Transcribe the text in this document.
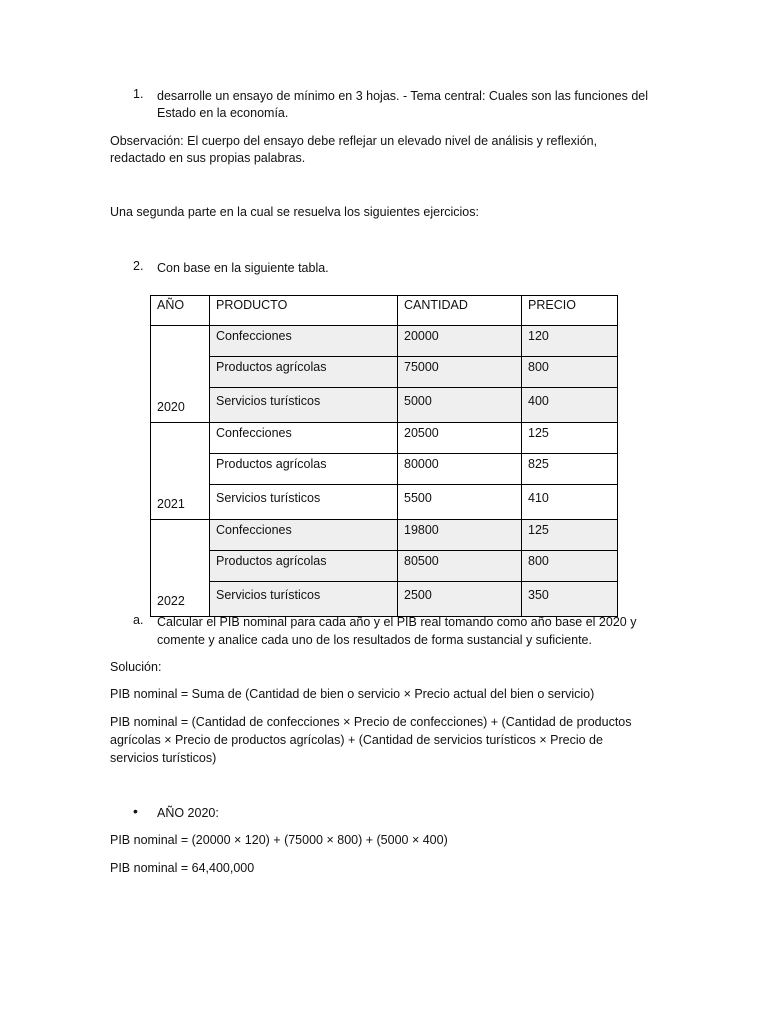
1. desarrolle un ensayo de mínimo en 3 hojas. - Tema central: Cuales son las funciones del
Estado en la economía.
Observación: El cuerpo del ensayo debe reflejar un elevado nivel de análisis y reflexión,
redactado en sus propias palabras.
Una segunda parte en la cual se resuelva los siguientes ejercicios:
2. Con base en la siguiente tabla.
AÑO	PRODUCTO	CANTIDAD	PRECIO
2020	Confecciones	20000	120
	Productos agrícolas	75000	800
	Servicios turísticos	5000	400
2021	Confecciones	20500	125
	Productos agrícolas	80000	825
	Servicios turísticos	5500	410
2022	Confecciones	19800	125
	Productos agrícolas	80500	800
	Servicios turísticos	2500	350
a. Calcular el PIB nominal para cada año y el PIB real tomando como año base el 2020 y
comente y analice cada uno de los resultados de forma sustancial y suficiente.
Solución:
PIB nominal = Suma de (Cantidad de bien o servicio × Precio actual del bien o servicio)
PIB nominal = (Cantidad de confecciones × Precio de confecciones) + (Cantidad de productos
agrícolas × Precio de productos agrícolas) + (Cantidad de servicios turísticos × Precio de
servicios turísticos)
• AÑO 2020:
PIB nominal = (20000 × 120) + (75000 × 800) + (5000 × 400)
PIB nominal = 64,400,000
